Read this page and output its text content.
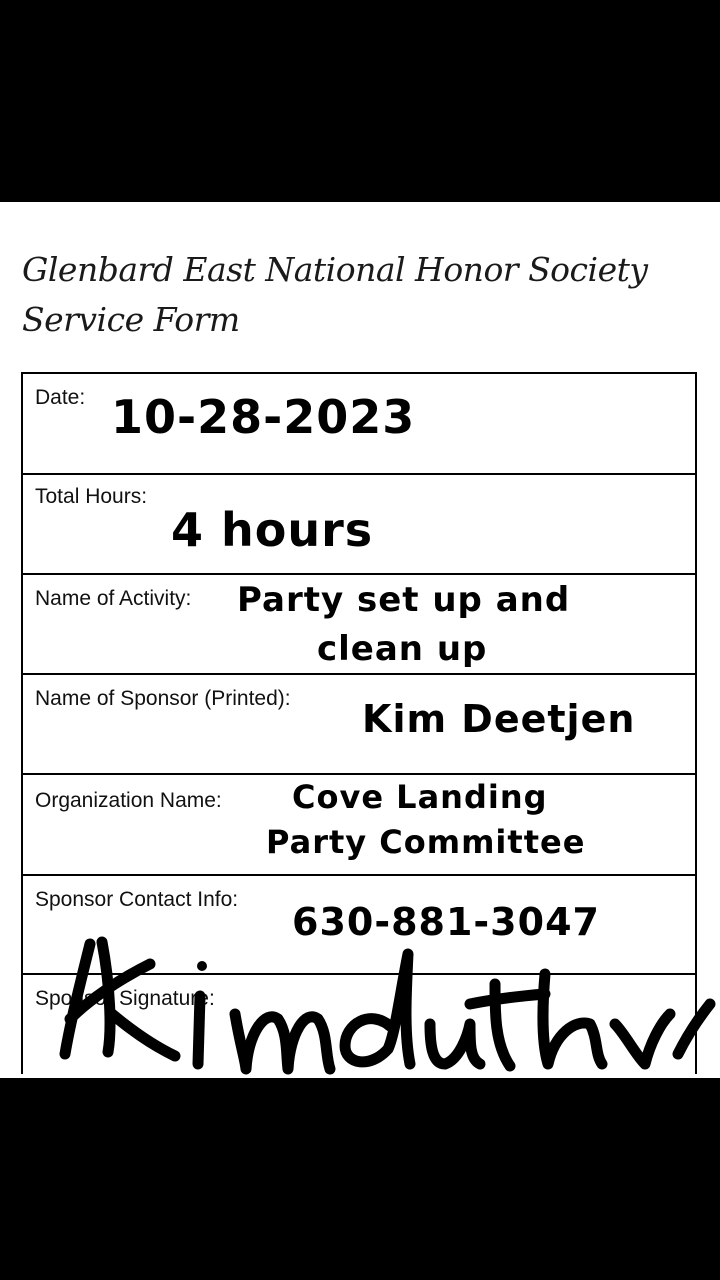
Glenbard East National Honor Society
Service Form
Date: 10-28-2023
Total Hours:
4 hours
Name of Activity: Party set up and
clean up
Name of Sponsor (Printed): Kim Deetjen
Organization Name: Cove Landing
Party Committee
Sponsor Contact Info:
630-881-3047
Sponsor Signature:
